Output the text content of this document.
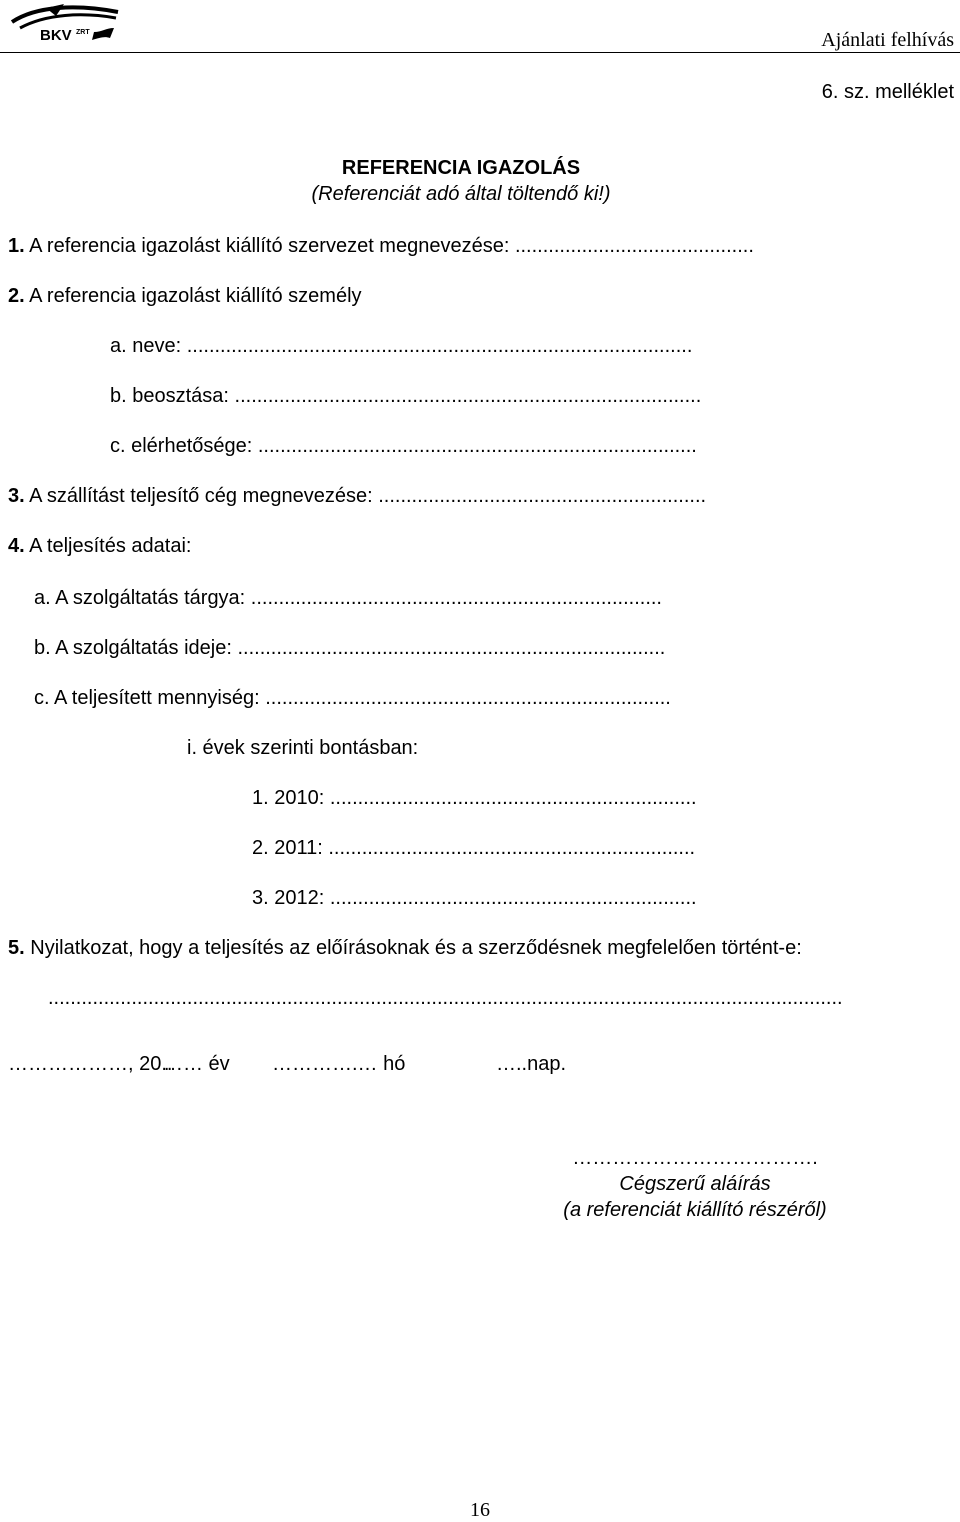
BKV ZRT	Ajánlati felhívás
6. sz. melléklet
REFERENCIA IGAZOLÁS
(Referenciát adó által töltendő ki!)
1. A referencia igazolást kiállító szervezet megnevezése: ...........................................
2. A referencia igazolást kiállító személy
a. neve: ...........................................................................................
b. beosztása: ....................................................................................
c. elérhetősége: ...............................................................................
3. A szállítást teljesítő cég megnevezése: ...........................................................
4. A teljesítés adatai:
a. A szolgáltatás tárgya: ..........................................................................
b. A szolgáltatás ideje: .............................................................................
c. A teljesített mennyiség: .........................................................................
i. évek szerinti bontásban:
1. 2010: ..................................................................
2. 2011: ..................................................................
3. 2012: ..................................................................
5. Nyilatkozat, hogy a teljesítés az előírásoknak és a szerződésnek megfelelően történt-e:
...............................................................................................................................................
………………, 20..
…… év ………….… hó	…..nap.
……………………………….
Cégszerű aláírás
(a referenciát kiállító részéről)
16
